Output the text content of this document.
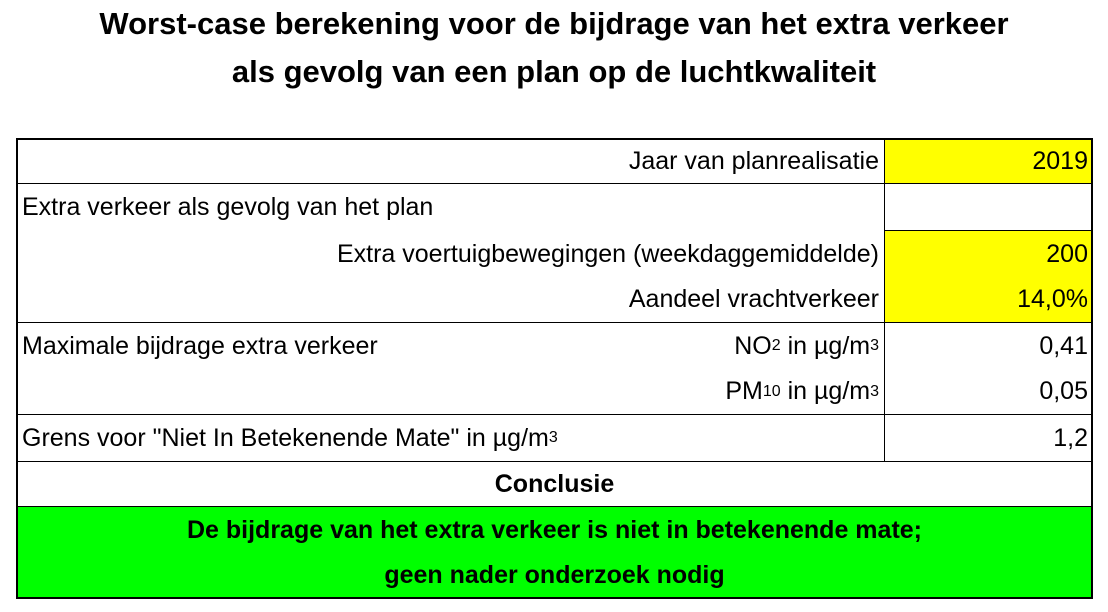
Worst-case berekening voor de bijdrage van het extra verkeer
als gevolg van een plan op de luchtkwaliteit
Jaar van planrealisatie	2019
Extra verkeer als gevolg van het plan
Extra voertuigbewegingen (weekdaggemiddelde)	200
Aandeel vrachtverkeer	14,0%
Maximale bijdrage extra verkeer	NO 2 in µg/m 3	0,41
PM 10 in µg/m 3	0,05
Grens voor "Niet In Betekenende Mate" in µg/m 3	1,2
Conclusie
De bijdrage van het extra verkeer is niet in betekenende mate;
geen nader onderzoek nodig
